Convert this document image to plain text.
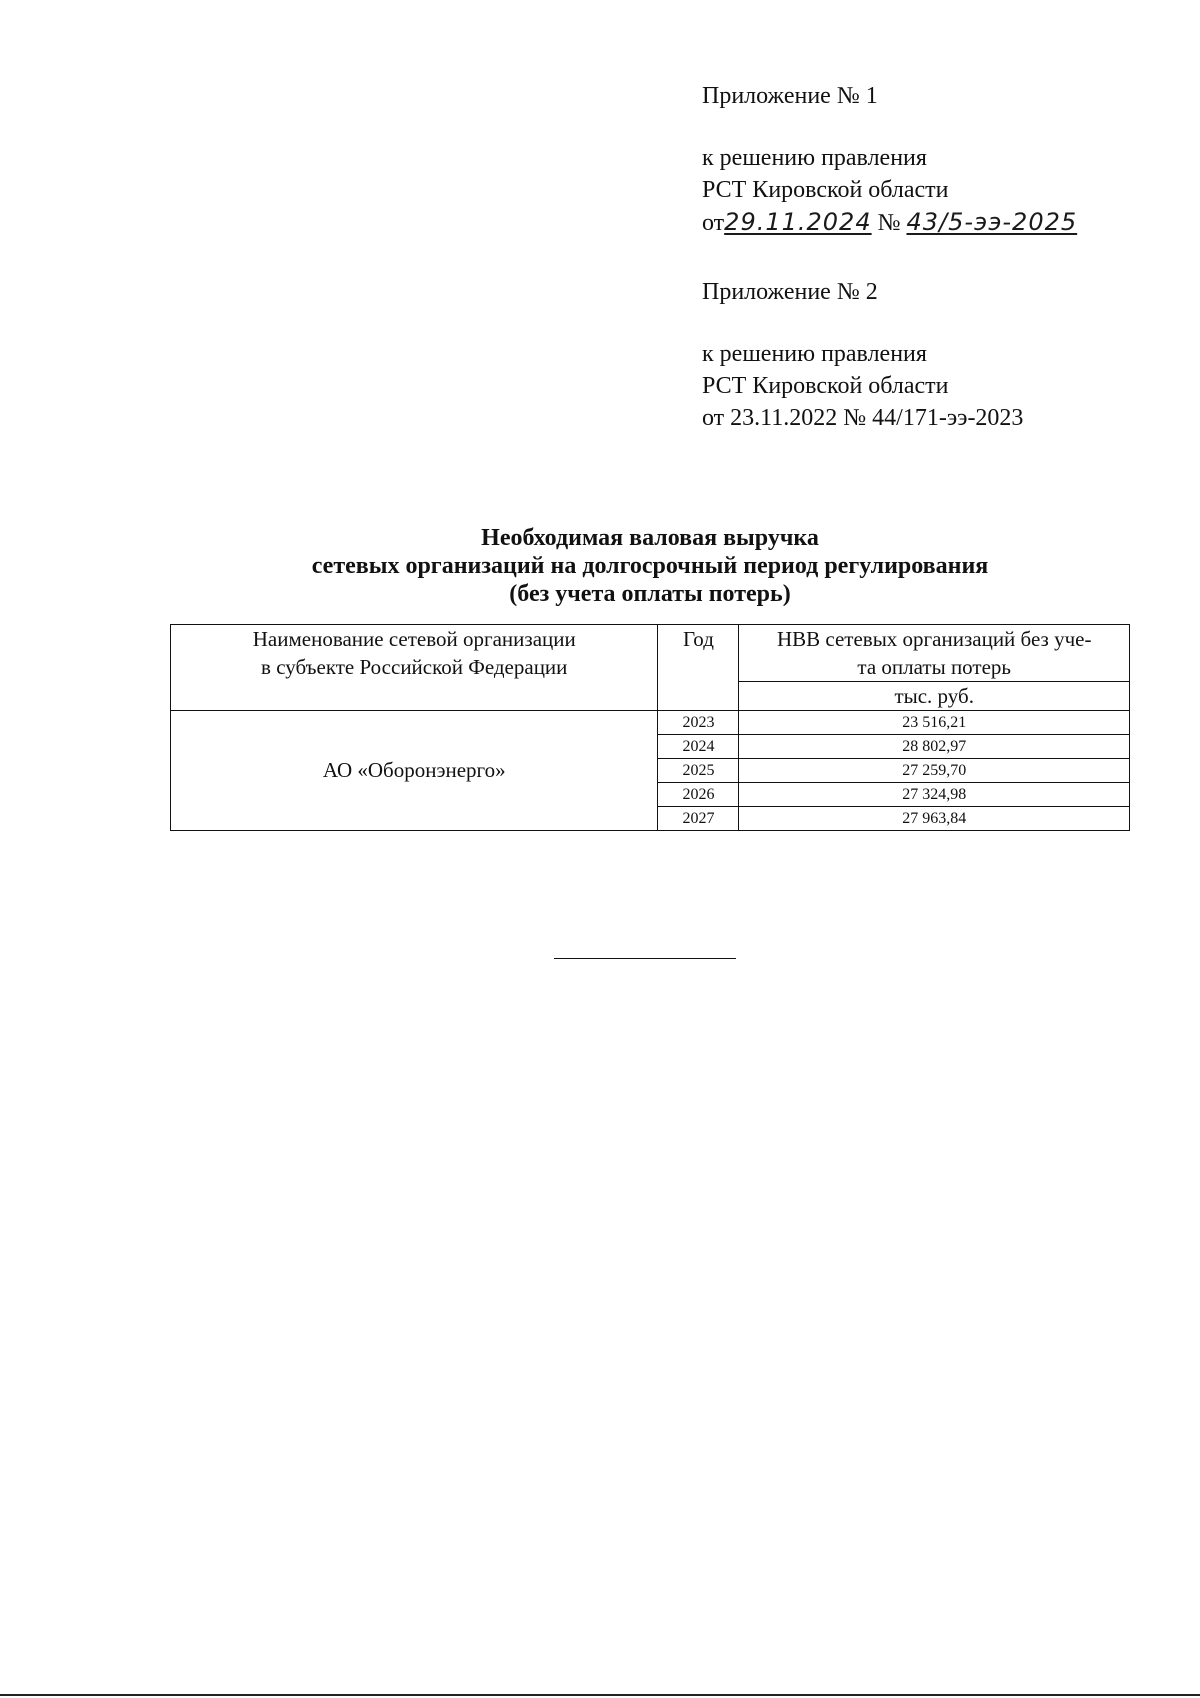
Приложение № 1
к решению правления
РСТ Кировской области
от29.11.2024 № 43/5-ээ-2025
Приложение № 2
к решению правления
РСТ Кировской области
от 23.11.2022 № 44/171-ээ-2023
Необходимая валовая выручка
сетевых организаций на долгосрочный период регулирования
(без учета оплаты потерь)
Наименование сетевой организации
в субъекте Российской Федерации	Год	НВВ сетевых организаций без уче-
та оплаты потерь
		тыс. руб.
АО «Оборонэнерго»	2023	23 516,21
	2024	28 802,97
	2025	27 259,70
	2026	27 324,98
	2027	27 963,84
